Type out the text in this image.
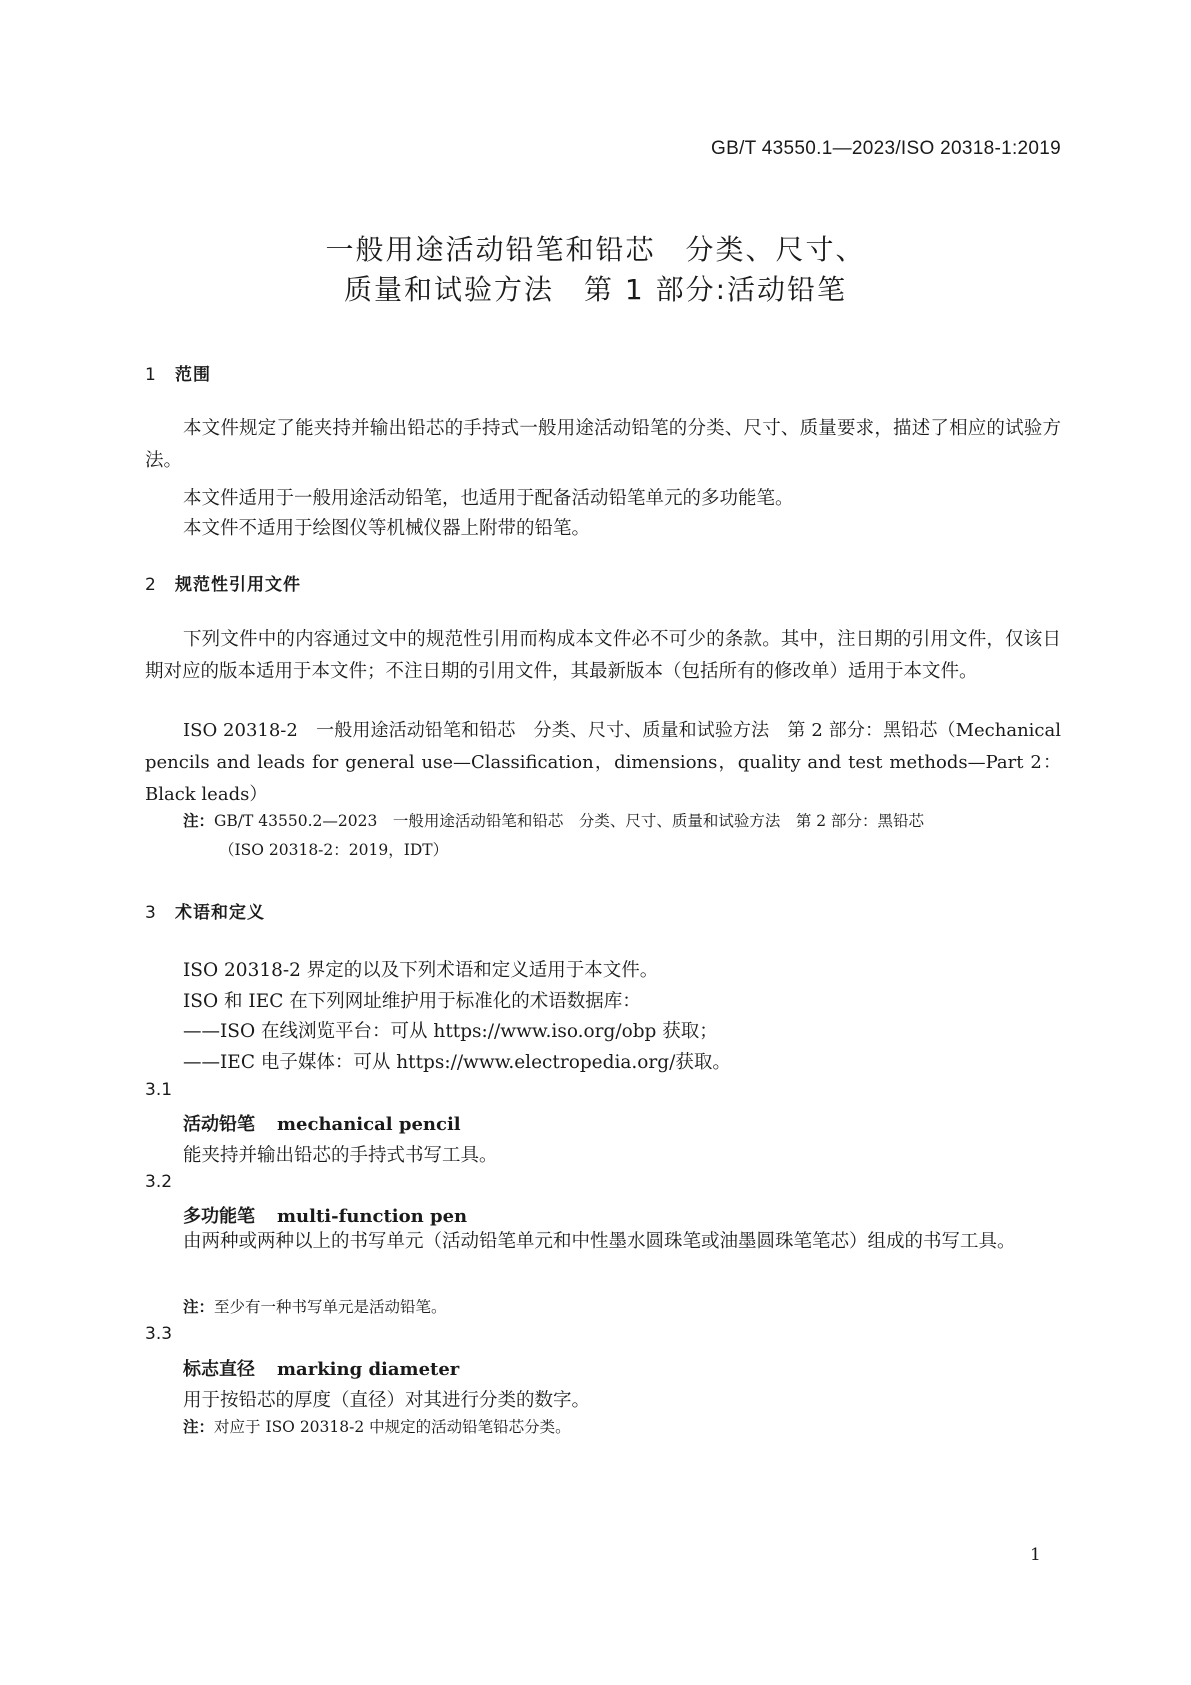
GB/T 43550.1—2023/ISO 20318-1:2019
一般用途活动铅笔和铅芯　分类、尺寸、
质量和试验方法　第 1 部分:活动铅笔
1 范围
本文件规定了能夹持并输出铅芯的手持式一般用途活动铅笔的分类、尺寸、质量要求，描述了相应的试验方法。
本文件适用于一般用途活动铅笔，也适用于配备活动铅笔单元的多功能笔。
本文件不适用于绘图仪等机械仪器上附带的铅笔。
2 规范性引用文件
下列文件中的内容通过文中的规范性引用而构成本文件必不可少的条款。其中，注日期的引用文件，仅该日期对应的版本适用于本文件；不注日期的引用文件，其最新版本（包括所有的修改单）适用于本文件。
ISO 20318-2　一般用途活动铅笔和铅芯　分类、尺寸、质量和试验方法　第 2 部分：黑铅芯（Mechanical pencils and leads for general use—Classification，dimensions，quality and test methods—Part 2：Black leads）
注：GB/T 43550.2—2023　一般用途活动铅笔和铅芯　分类、尺寸、质量和试验方法　第 2 部分：黑铅芯
（ISO 20318-2：2019，IDT）
3 术语和定义
ISO 20318-2 界定的以及下列术语和定义适用于本文件。
ISO 和 IEC 在下列网址维护用于标准化的术语数据库：
——ISO 在线浏览平台：可从 https://www.iso.org/obp 获取；
——IEC 电子媒体：可从 https://www.electropedia.org/获取。
3.1
活动铅笔 mechanical pencil
能夹持并输出铅芯的手持式书写工具。
3.2
多功能笔 multi-function pen
由两种或两种以上的书写单元（活动铅笔单元和中性墨水圆珠笔或油墨圆珠笔笔芯）组成的书写工具。
注：至少有一种书写单元是活动铅笔。
3.3
标志直径 marking diameter
用于按铅芯的厚度（直径）对其进行分类的数字。
注：对应于 ISO 20318-2 中规定的活动铅笔铅芯分类。
1
